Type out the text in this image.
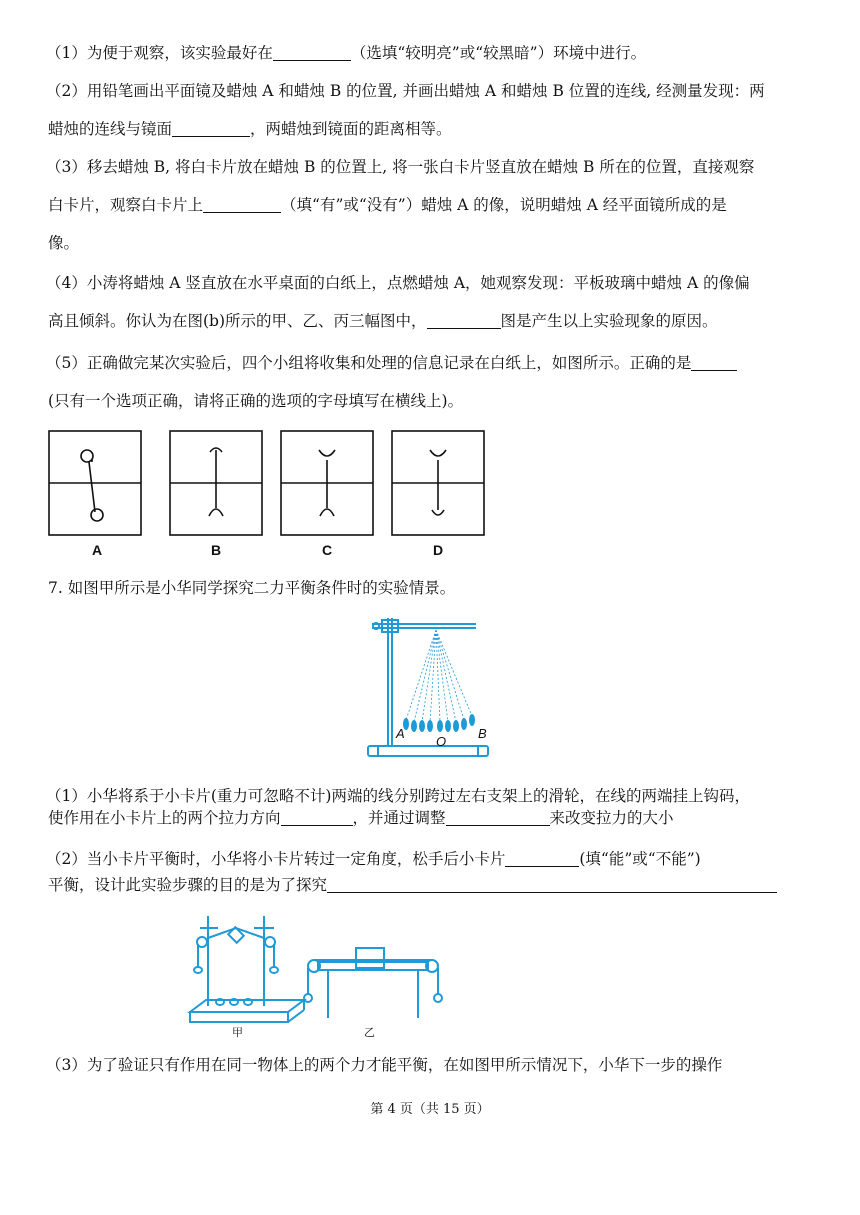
（1）为便于观察，该实验最好在	（选填“较明亮”或“较黑暗”）环境中进行。
（2）用铅笔画出平面镜及蜡烛 A 和蜡烛 B 的位置, 并画出蜡烛 A 和蜡烛 B 位置的连线, 经测量发现：两
蜡烛的连线与镜面	，两蜡烛到镜面的距离相等。
（3）移去蜡烛 B, 将白卡片放在蜡烛 B 的位置上, 将一张白卡片竖直放在蜡烛 B 所在的位置，直接观察
白卡片，观察白卡片上	（填“有”或“没有”）蜡烛 A 的像，说明蜡烛 A 经平面镜所成的是
像。
（4）小涛将蜡烛 A 竖直放在水平桌面的白纸上，点燃蜡烛 A，她观察发现：平板玻璃中蜡烛 A 的像偏
高且倾斜。你认为在图(b)所示的甲、乙、丙三幅图中，	图是产生以上实验现象的原因。
（5）正确做完某次实验后，四个小组将收集和处理的信息记录在白纸上，如图所示。正确的是
(只有一个选项正确，请将正确的选项的字母填写在横线上)。
A	B	C	D
7. 如图甲所示是小华同学探究二力平衡条件时的实验情景。
A
O
B
（1）小华将系于小卡片(重力可忽略不计)两端的线分别跨过左右支架上的滑轮，在线的两端挂上钩码，
使作用在小卡片上的两个拉力方向	，并通过调整	来改变拉力的大小
（2）当小卡片平衡时，小华将小卡片转过一定角度，松手后小卡片	(填“能”或“不能”)
平衡，设计此实验步骤的目的是为了探究
甲	乙
（3）为了验证只有作用在同一物体上的两个力才能平衡，在如图甲所示情况下，小华下一步的操作
第 4 页（共 15 页）
